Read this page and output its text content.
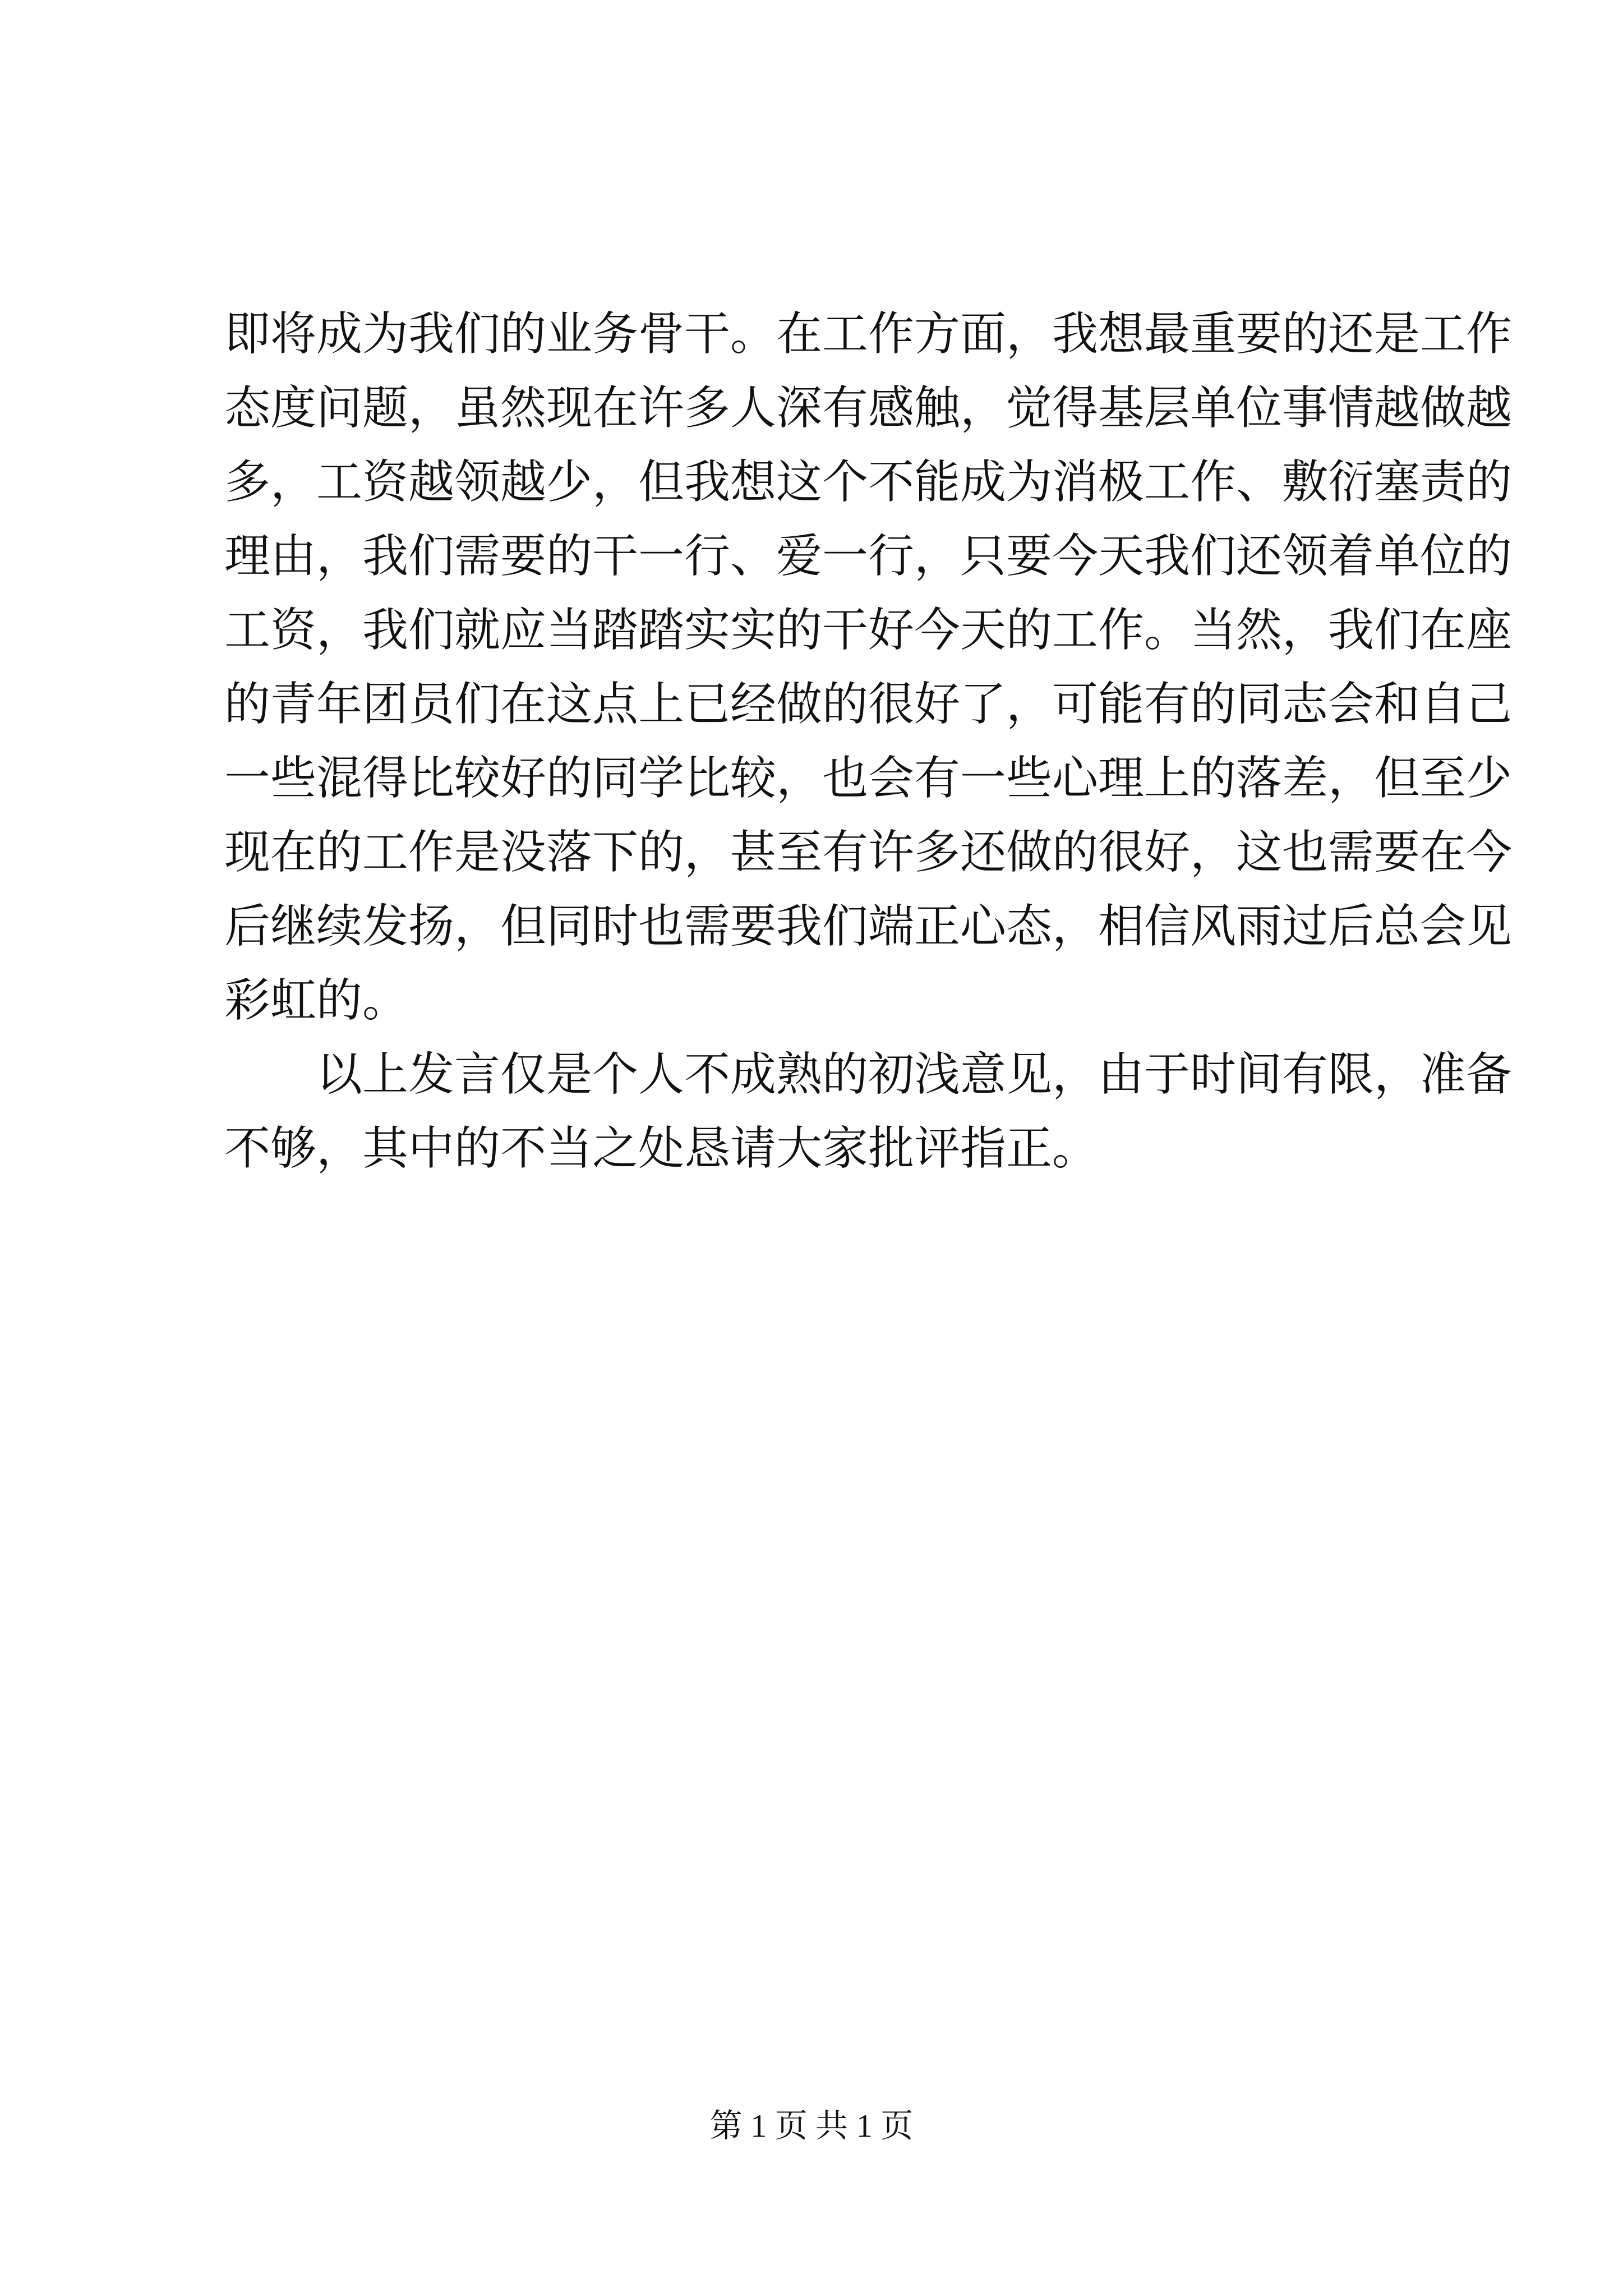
即将成为我们的业务骨干。在工作方面，我想最重要的还是工作
态度问题，虽然现在许多人深有感触，觉得基层单位事情越做越
多，工资越领越少，但我想这个不能成为消极工作、敷衍塞责的
理由，我们需要的干一行、爱一行，只要今天我们还领着单位的
工资，我们就应当踏踏实实的干好今天的工作。当然，我们在座
的青年团员们在这点上已经做的很好了，可能有的同志会和自己
一些混得比较好的同学比较，也会有一些心理上的落差，但至少
现在的工作是没落下的，甚至有许多还做的很好，这也需要在今
后继续发扬，但同时也需要我们端正心态，相信风雨过后总会见
彩虹的。
以上发言仅是个人不成熟的初浅意见，由于时间有限，准备
不够，其中的不当之处恳请大家批评指正。
第 1 页 共 1 页
